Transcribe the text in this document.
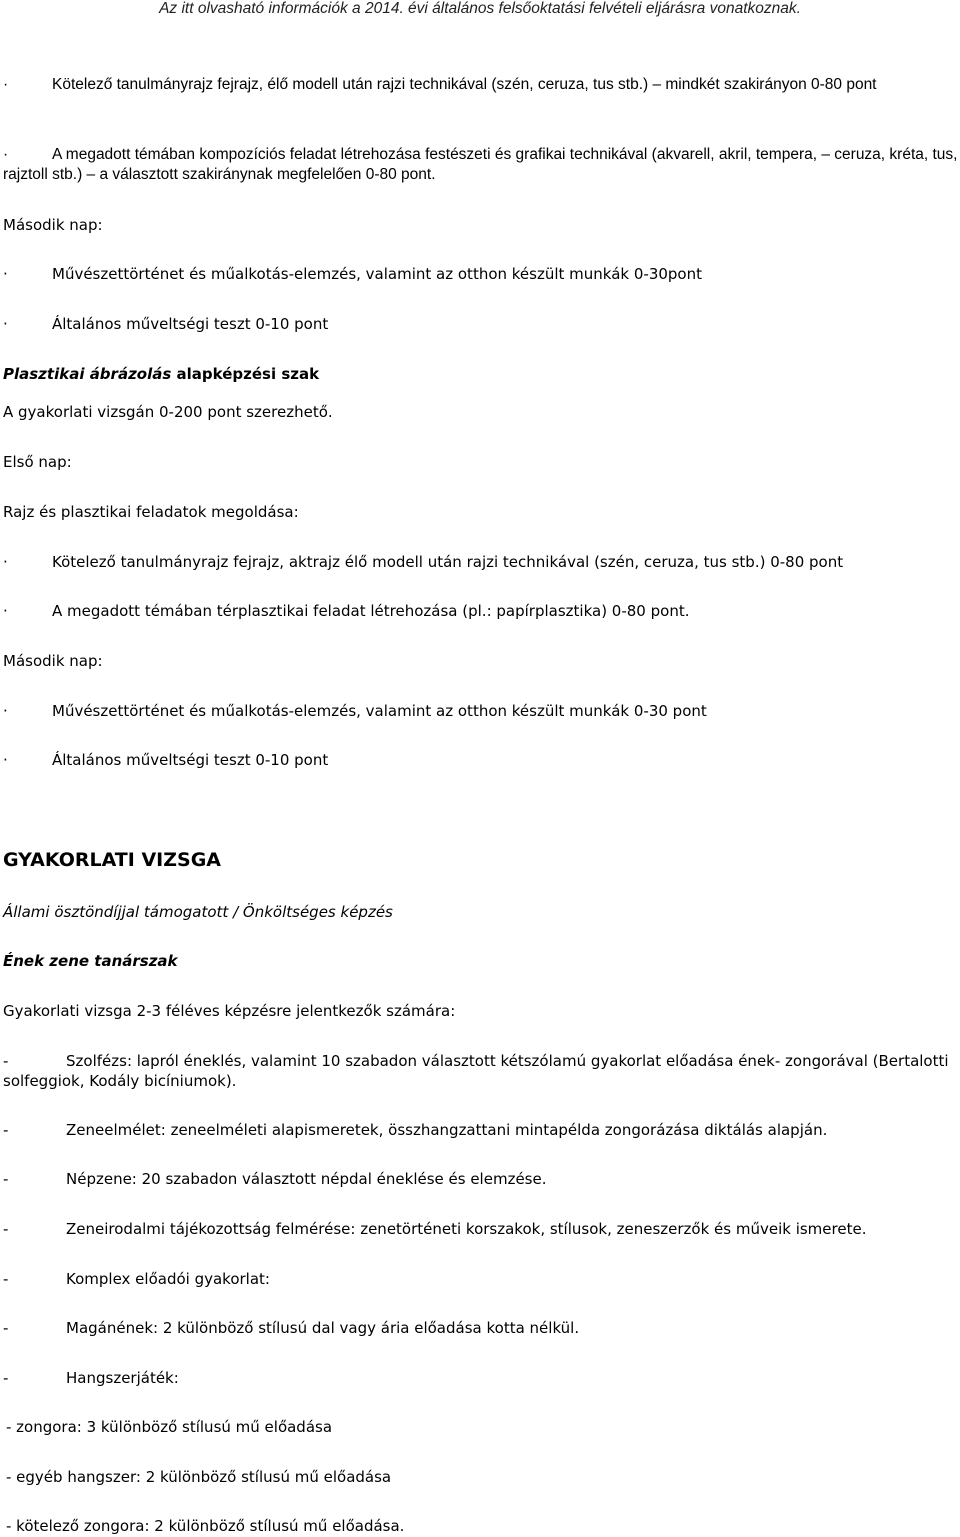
Az itt olvasható információk a 2014. évi általános felsőoktatási felvételi eljárásra vonatkoznak.
·	Kötelező tanulmányrajz fejrajz, élő modell után rajzi technikával (szén, ceruza, tus stb.) – mindkét szakirányon 0-80 pont
·	A megadott témában kompozíciós feladat létrehozása festészeti és grafikai technikával (akvarell, akril, tempera, – ceruza, kréta, tus, rajztoll stb.) – a választott szakiránynak megfelelően 0-80 pont.
Második nap:
·	Művészettörténet és műalkotás-elemzés, valamint az otthon készült munkák 0-30pont
·	Általános műveltségi teszt 0-10 pont
Plasztikai ábrázolás alapképzési szak
A gyakorlati vizsgán 0-200 pont szerezhető.
Első nap:
Rajz és plasztikai feladatok megoldása:
·	Kötelező tanulmányrajz fejrajz, aktrajz élő modell után rajzi technikával (szén, ceruza, tus stb.) 0-80 pont
·	A megadott témában térplasztikai feladat létrehozása (pl.: papírplasztika) 0-80 pont.
Második nap:
·	Művészettörténet és műalkotás-elemzés, valamint az otthon készült munkák 0-30 pont
·	Általános műveltségi teszt 0-10 pont
GYAKORLATI VIZSGA
Állami ösztöndíjjal támogatott / Önköltséges képzés
Ének zene tanárszak
Gyakorlati vizsga 2-3 féléves képzésre jelentkezők számára:
-	Szolfézs: lapról éneklés, valamint 10 szabadon választott kétszólamú gyakorlat előadása ének- zongorával (Bertalotti solfeggiok, Kodály bicíniumok).
-	Zeneelmélet: zeneelméleti alapismeretek, összhangzattani mintapélda zongorázása diktálás alapján.
-	Népzene: 20 szabadon választott népdal éneklése és elemzése.
-	Zeneirodalmi tájékozottság felmérése: zenetörténeti korszakok, stílusok, zeneszerzők és műveik ismerete.
-	Komplex előadói gyakorlat:
-	Magánének: 2 különböző stílusú dal vagy ária előadása kotta nélkül.
-	Hangszerjáték:
- zongora: 3 különböző stílusú mű előadása
- egyéb hangszer: 2 különböző stílusú mű előadása
- kötelező zongora: 2 különböző stílusú mű előadása.
